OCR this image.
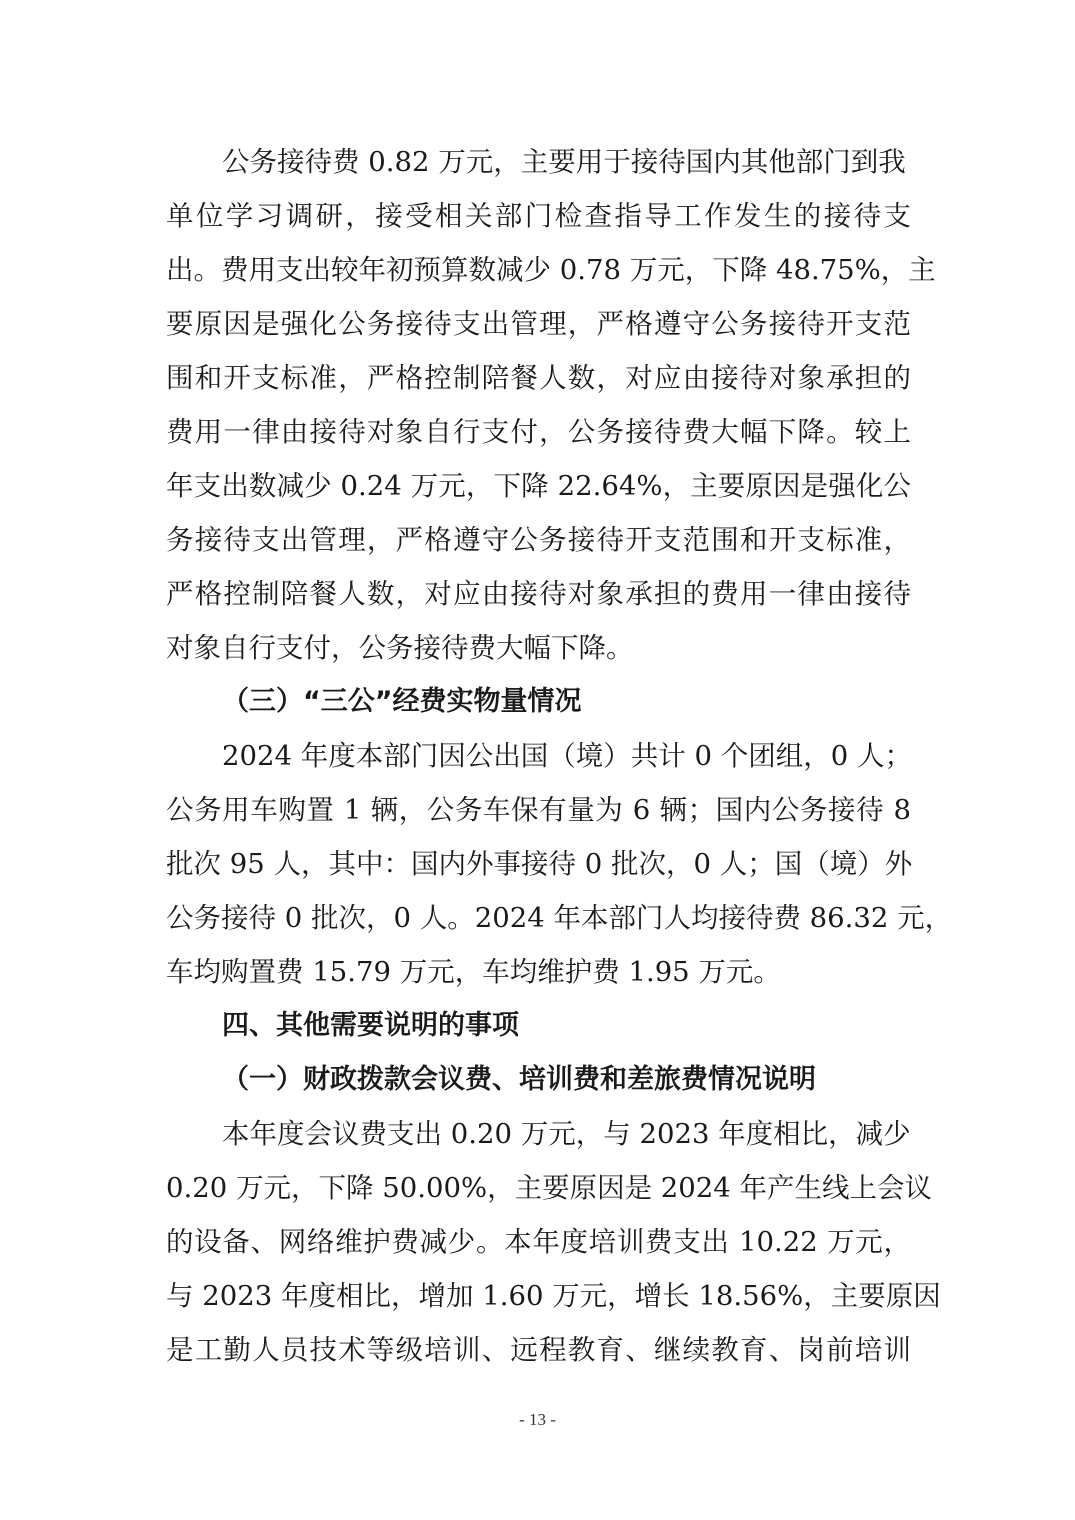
公务接待费 0.82 万元，主要用于接待国内其他部门到我
单位学习调研，接受相关部门检查指导工作发生的接待支
出。费用支出较年初预算数减少 0.78 万元，下降 48.75%，主
要原因是强化公务接待支出管理，严格遵守公务接待开支范
围和开支标准，严格控制陪餐人数，对应由接待对象承担的
费用一律由接待对象自行支付，公务接待费大幅下降。较上
年支出数减少 0.24 万元，下降 22.64%，主要原因是强化公
务接待支出管理，严格遵守公务接待开支范围和开支标准，
严格控制陪餐人数，对应由接待对象承担的费用一律由接待
对象自行支付，公务接待费大幅下降。
（三）“三公”经费实物量情况
2024 年度本部门因公出国（境）共计 0 个团组，0 人；
公务用车购置 1 辆，公务车保有量为 6 辆；国内公务接待 8
批次 95 人，其中：国内外事接待 0 批次，0 人；国（境）外
公务接待 0 批次，0 人。2024 年本部门人均接待费 86.32 元，
车均购置费 15.79 万元，车均维护费 1.95 万元。
四、其他需要说明的事项
（一）财政拨款会议费、培训费和差旅费情况说明
本年度会议费支出 0.20 万元，与 2023 年度相比，减少
0.20 万元，下降 50.00%，主要原因是 2024 年产生线上会议
的设备、网络维护费减少。本年度培训费支出 10.22 万元，
与 2023 年度相比，增加 1.60 万元，增长 18.56%，主要原因
是工勤人员技术等级培训、远程教育、继续教育、岗前培训
- 13 -
